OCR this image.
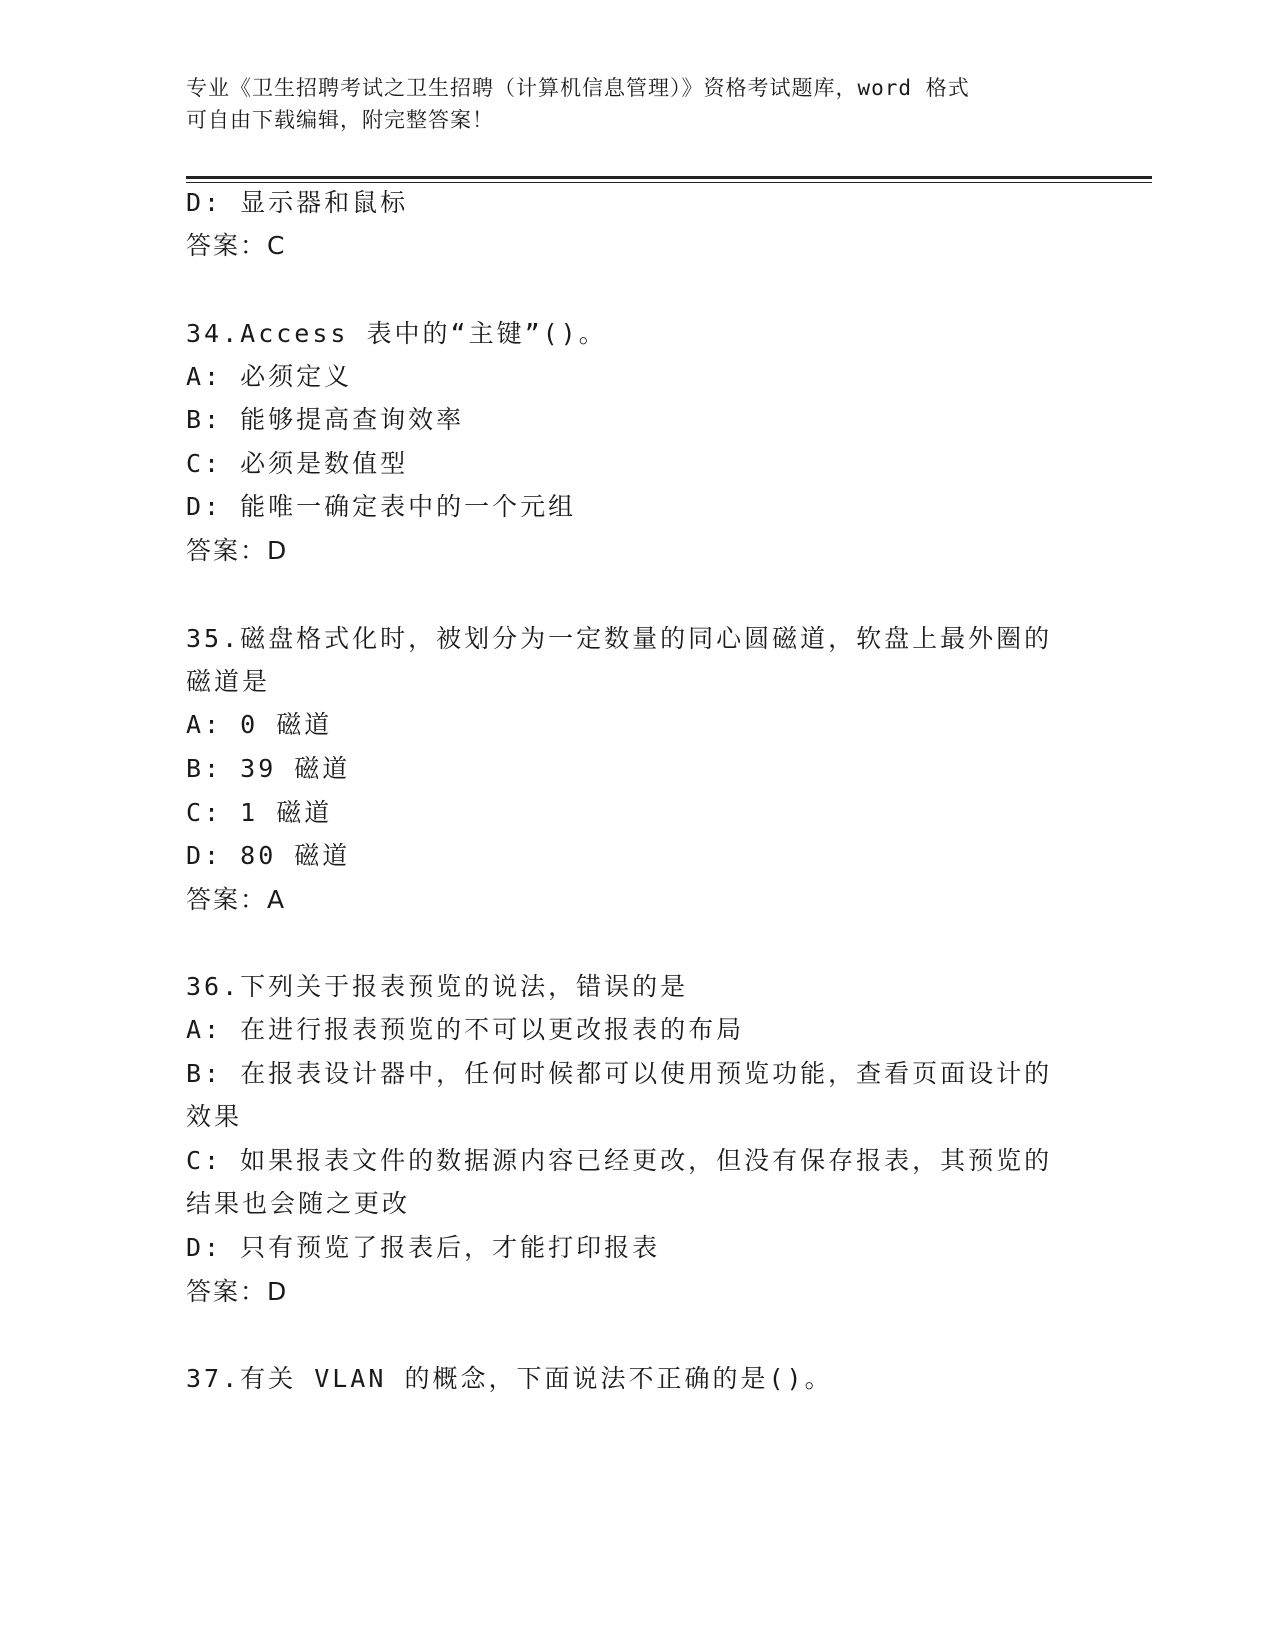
专业《卫生招聘考试之卫生招聘（计算机信息管理）》资格考试题库，word 格式
可自由下载编辑，附完整答案！
D: 显示器和鼠标
答案：C
34.Access 表中的“主键”()。
A: 必须定义
B: 能够提高查询效率
C: 必须是数值型
D: 能唯一确定表中的一个元组
答案：D
35.磁盘格式化时，被划分为一定数量的同心圆磁道，软盘上最外圈的
磁道是
A: 0 磁道
B: 39 磁道
C: 1 磁道
D: 80 磁道
答案：A
36.下列关于报表预览的说法，错误的是
A: 在进行报表预览的不可以更改报表的布局
B: 在报表设计器中，任何时候都可以使用预览功能，查看页面设计的
效果
C: 如果报表文件的数据源内容已经更改，但没有保存报表，其预览的
结果也会随之更改
D: 只有预览了报表后，才能打印报表
答案：D
37.有关 VLAN 的概念，下面说法不正确的是()。
